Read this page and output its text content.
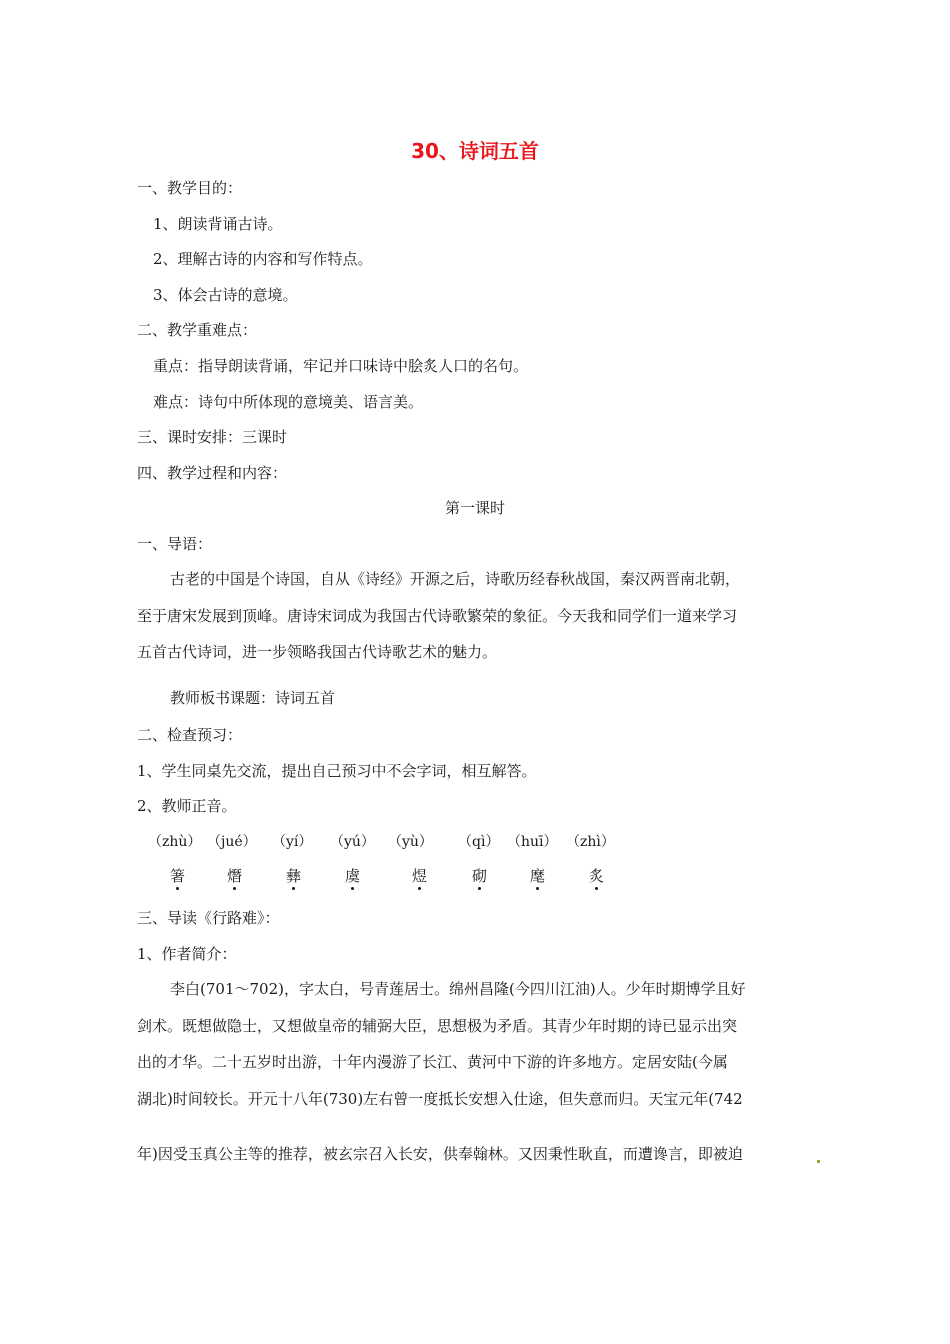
30、诗词五首
一、教学目的：
1、朗读背诵古诗。
2、理解古诗的内容和写作特点。
3、体会古诗的意境。
二、教学重难点：
重点：指导朗读背诵，牢记并口味诗中脍炙人口的名句。
难点：诗句中所体现的意境美、语言美。
三、课时安排：三课时
四、教学过程和内容：
第一课时
一、导语：
古老的中国是个诗国，自从《诗经》开源之后，诗歌历经春秋战国，秦汉两晋南北朝，
至于唐宋发展到顶峰。唐诗宋词成为我国古代诗歌繁荣的象征。今天我和同学们一道来学习
五首古代诗词，进一步领略我国古代诗歌艺术的魅力。
教师板书课题：诗词五首
二、检查预习：
1、学生同桌先交流，提出自己预习中不会字词，相互解答。
2、教师正音。
（zhù） （jué） （yí） （yú） （yù） （qì） （huī） （zhì）
箸	熸	彝	虞	煜	砌	麾	炙
三、导读《行路难》：
1、作者简介：
李白(701～702)，字太白，号青莲居士。绵州昌隆(今四川江油)人。少年时期博学且好
剑术。既想做隐士，又想做皇帝的辅弼大臣，思想极为矛盾。其青少年时期的诗已显示出突
出的才华。二十五岁时出游，十年内漫游了长江、黄河中下游的许多地方。定居安陆(今属
湖北)时间较长。开元十八年(730)左右曾一度抵长安想入仕途，但失意而归。天宝元年(742
年)因受玉真公主等的推荐，被玄宗召入长安，供奉翰林。又因秉性耿直，而遭谗言，即被迫
